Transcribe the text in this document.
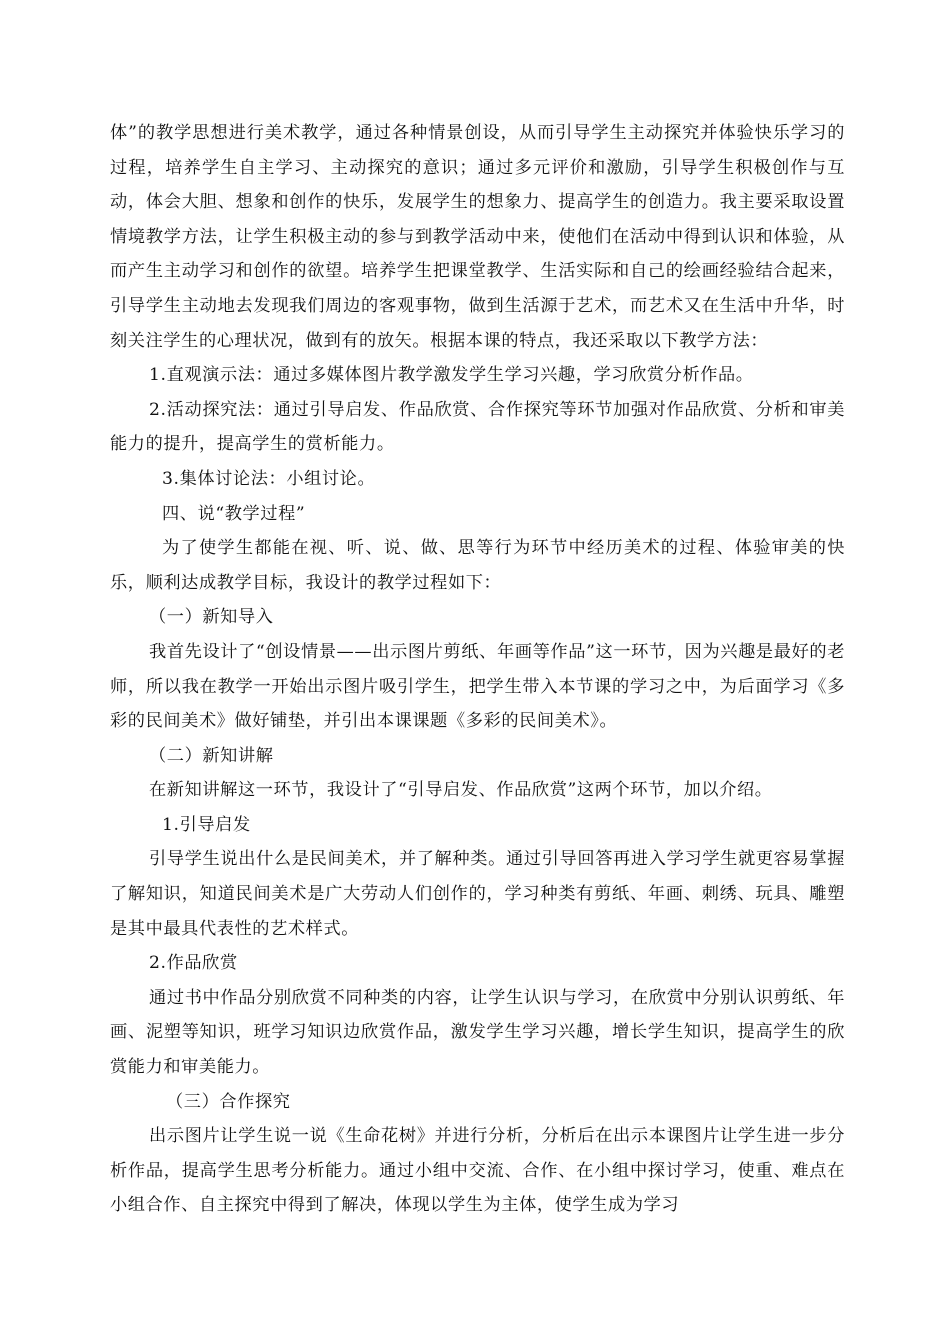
体”的教学思想进行美术教学，通过各种情景创设，从而引导学生主动探究并体验快乐学习的过程，培养学生自主学习、主动探究的意识；通过多元评价和激励，引导学生积极创作与互动，体会大胆、想象和创作的快乐，发展学生的想象力、提高学生的创造力。我主要采取设置情境教学方法，让学生积极主动的参与到教学活动中来，使他们在活动中得到认识和体验，从而产生主动学习和创作的欲望。培养学生把课堂教学、生活实际和自己的绘画经验结合起来，引导学生主动地去发现我们周边的客观事物，做到生活源于艺术，而艺术又在生活中升华，时刻关注学生的心理状况，做到有的放矢。根据本课的特点，我还采取以下教学方法：

1.直观演示法：通过多媒体图片教学激发学生学习兴趣，学习欣赏分析作品。

2.活动探究法：通过引导启发、作品欣赏、合作探究等环节加强对作品欣赏、分析和审美能力的提升，提高学生的赏析能力。

3.集体讨论法：小组讨论。

四、说“教学过程”

为了使学生都能在视、听、说、做、思等行为环节中经历美术的过程、体验审美的快乐，顺利达成教学目标，我设计的教学过程如下：

（一）新知导入

我首先设计了“创设情景——出示图片剪纸、年画等作品”这一环节，因为兴趣是最好的老师，所以我在教学一开始出示图片吸引学生，把学生带入本节课的学习之中，为后面学习《多彩的民间美术》做好铺垫，并引出本课课题《多彩的民间美术》。

（二）新知讲解

在新知讲解这一环节，我设计了“引导启发、作品欣赏”这两个环节，加以介绍。

1.引导启发

引导学生说出什么是民间美术，并了解种类。通过引导回答再进入学习学生就更容易掌握了解知识，知道民间美术是广大劳动人们创作的，学习种类有剪纸、年画、刺绣、玩具、雕塑是其中最具代表性的艺术样式。

2.作品欣赏

通过书中作品分别欣赏不同种类的内容，让学生认识与学习，在欣赏中分别认识剪纸、年画、泥塑等知识，班学习知识边欣赏作品，激发学生学习兴趣，增长学生知识，提高学生的欣赏能力和审美能力。

（三）合作探究

出示图片让学生说一说《生命花树》并进行分析，分析后在出示本课图片让学生进一步分析作品，提高学生思考分析能力。通过小组中交流、合作、在小组中探讨学习，使重、难点在小组合作、自主探究中得到了解决，体现以学生为主体，使学生成为学习
